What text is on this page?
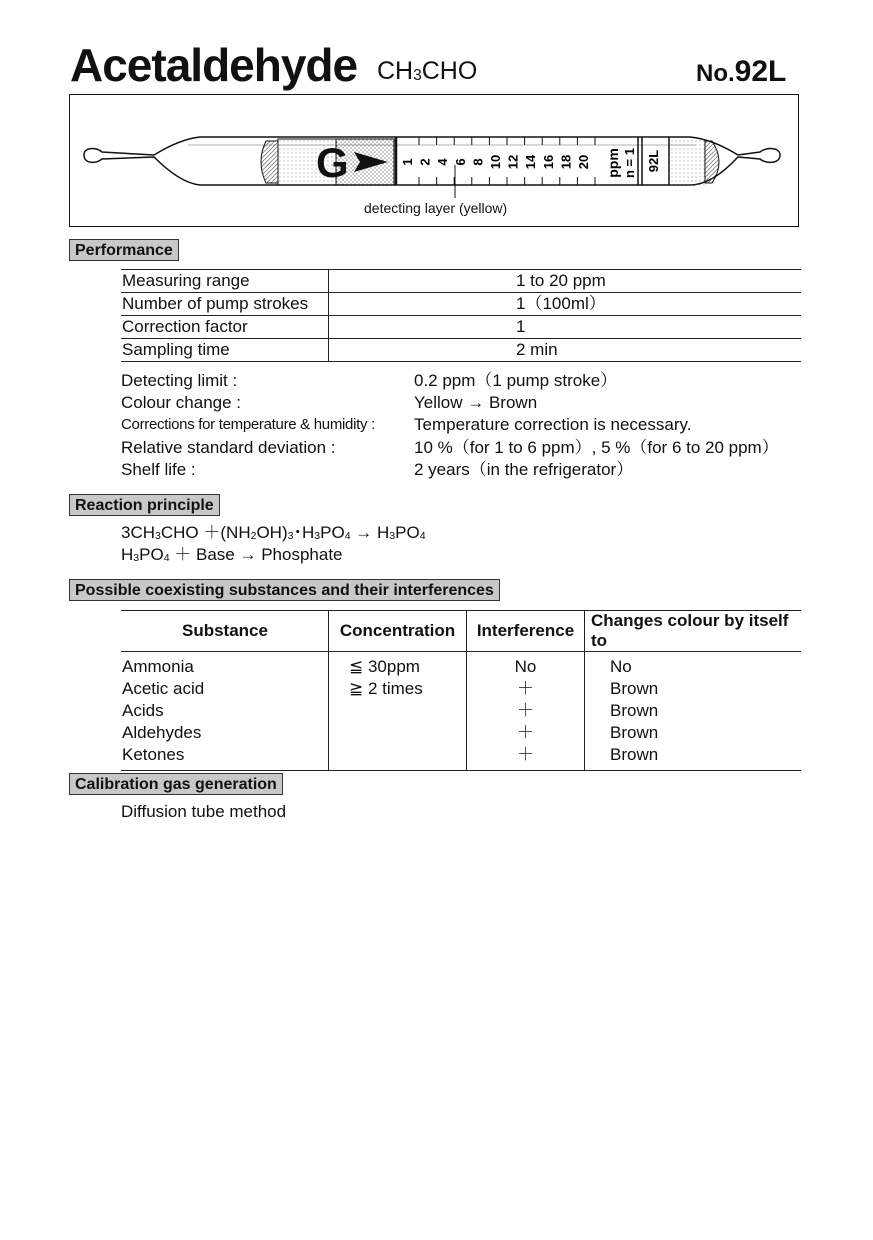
Acetaldehyde $CH_3CHO$	No.92L
G	1 2 4 6 8 10 12 14 16 18 20 ppm n = 1 92L
detecting layer (yellow)
Performance
Measuring range	1 to 20 ppm
Number of pump strokes	1（100ml）
Correction factor	1
Sampling time	2 min
Detecting limit :	0.2 ppm（1 pump stroke）
Colour change :	Yellow → Brown
Corrections for temperature & humidity : Temperature correction is necessary.
Relative standard deviation :	10 %（for 1 to 6 ppm）, 5 %（for 6 to 20 ppm）
Shelf life :	2 years（in the refrigerator）
Reaction principle
$3CH_3CHO +(NH_2OH)_3$･$H_3PO_4 \to H_3PO_4$
$H_3PO_4$ ＋ Base → Phosphate
Possible coexisting substances and their interferences
Substance	Concentration	Interference	Changes colour by itself to

Ammonia	≦ 30ppm	No	No
Acetic acid	≧ 2 times	＋	Brown
Acids		＋	Brown
Aldehydes		＋	Brown
Ketones		＋	Brown
Calibration gas generation
Diffusion tube method
